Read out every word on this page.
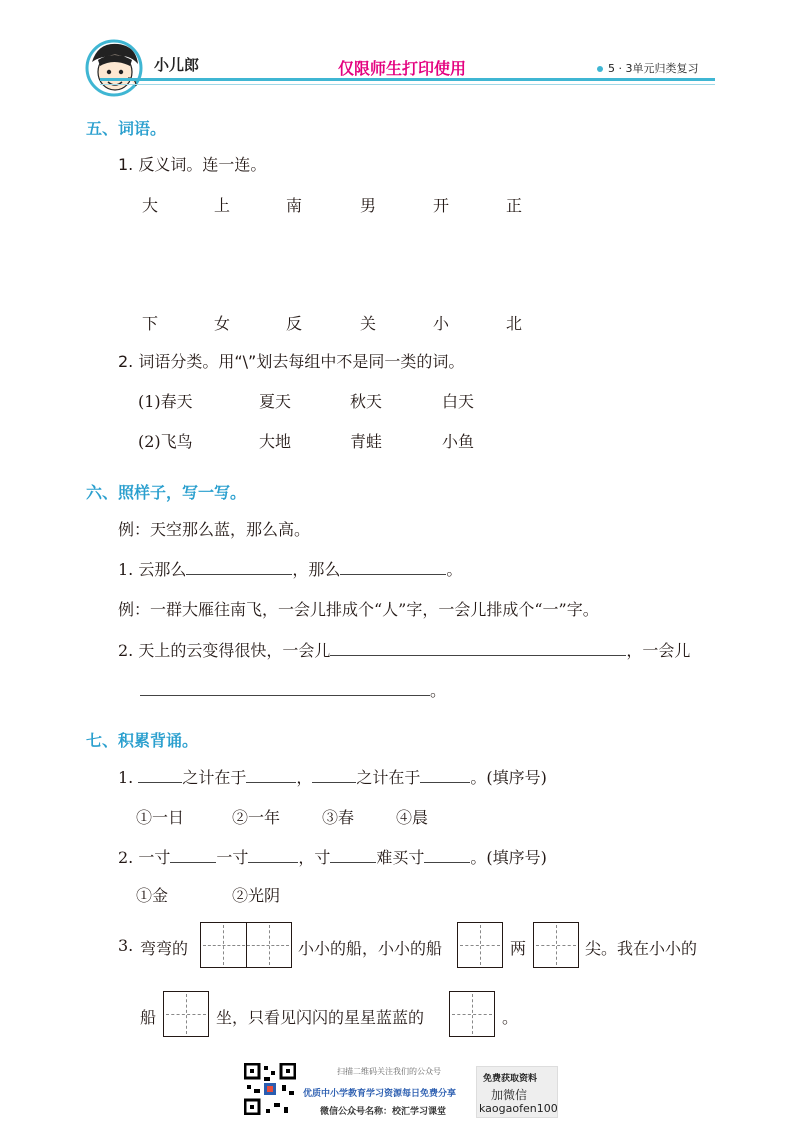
小儿郎	仅限师生打印使用	5 · 3单元归类复习
五、词语。
1. 反义词。连一连。
大	上	南	男	开	正
下	女	反	关	小	北
2. 词语分类。用“\”划去每组中不是同一类的词。
(1)春天	夏天	秋天	白天
(2)飞鸟	大地	青蛙	小鱼
六、照样子，写一写。
例：天空那么蓝，那么高。
1. 云那么	，那么	。
例：一群大雁往南飞，一会儿排成个“人”字，一会儿排成个“一”字。
2. 天上的云变得很快，一会儿	，一会儿
。
七、积累背诵。
1.	之计在于	，	之计在于	。(填序号)
①一日	②一年	③春	④晨
2. 一寸	一寸	，寸	难买寸	。(填序号)
①金	②光阴
3. 弯弯的	小小的船，小小的船	两	尖。我在小小的
船	坐，只看见闪闪的星星蓝蓝的	。
扫描二维码关注我们的公众号
优质中小学教育学习资源每日免费分享
微信公众号名称：校汇学习课堂
免费获取资料
加微信
kaogaofen100
